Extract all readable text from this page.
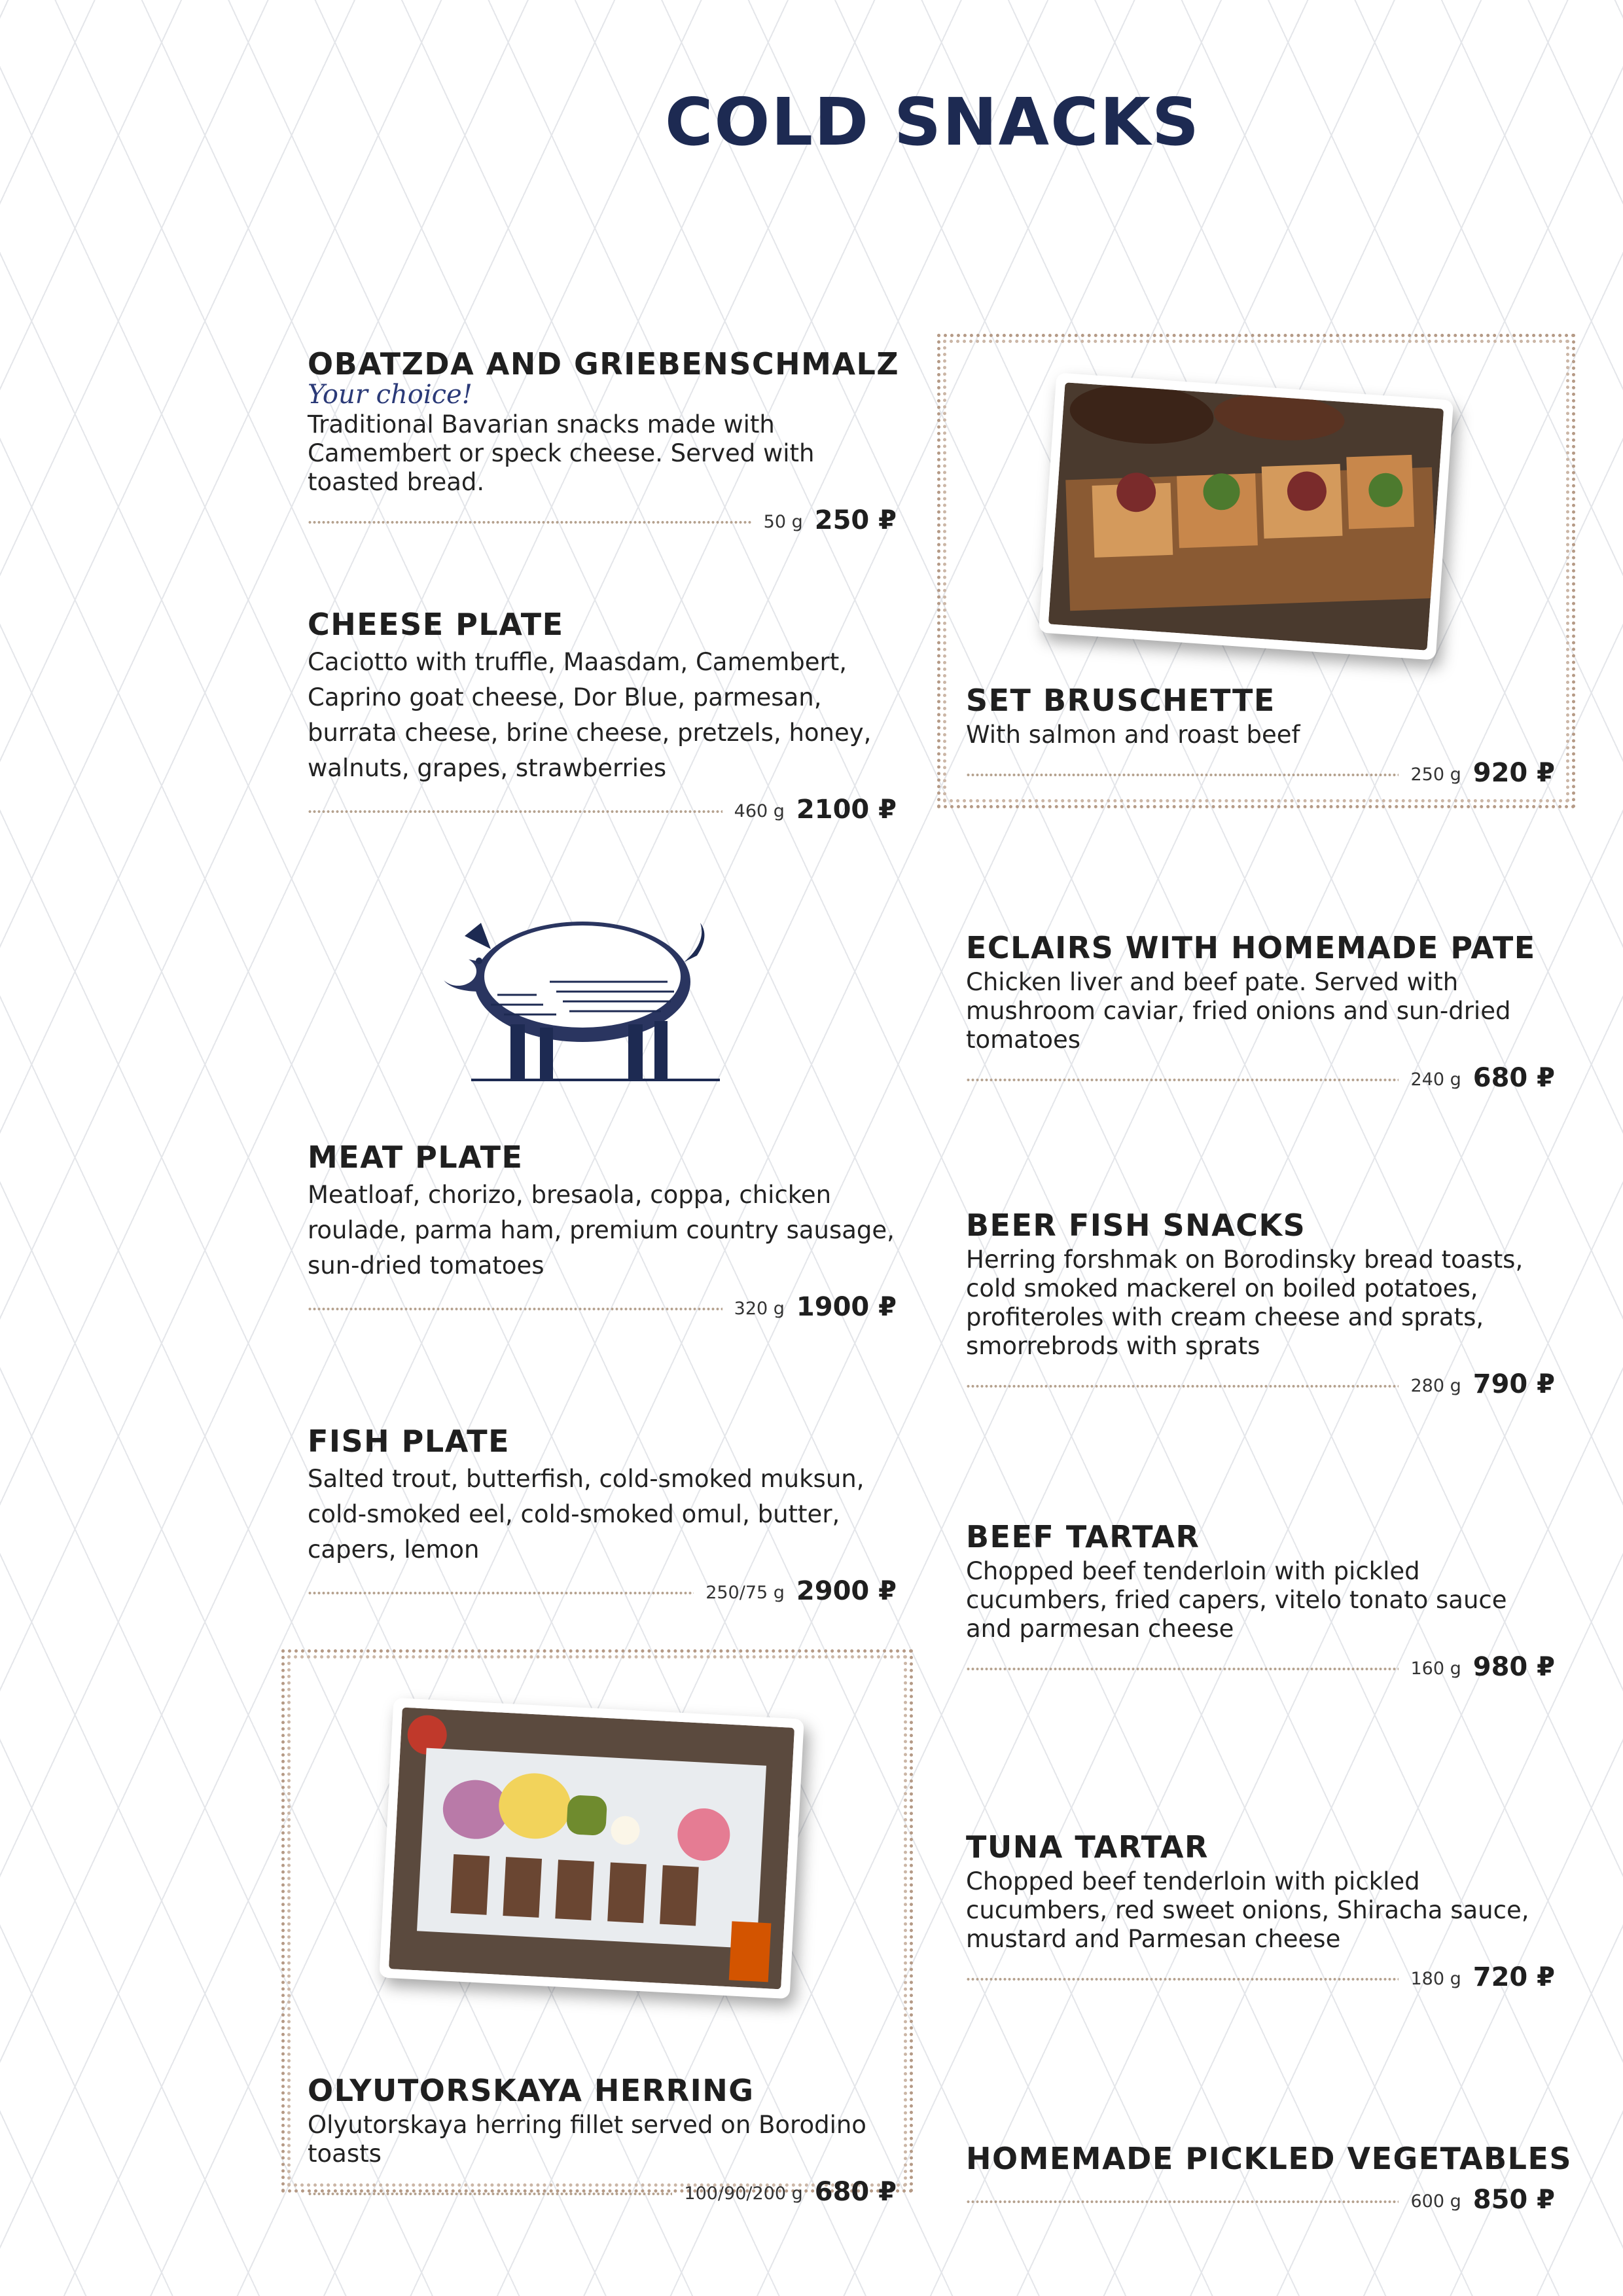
COLD SNACKS

OBATZDA AND GRIEBENSCHMALZ

Your choice!

Traditional Bavarian snacks made with Camembert or speck cheese. Served with toasted bread.

50 g 250 ₽

CHEESE PLATE

Caciotto with truffle, Maasdam, Camembert, Caprino goat cheese, Dor Blue, parmesan, burrata cheese, brine cheese, pretzels, honey, walnuts, grapes, strawberries

460 g 2100 ₽

MEAT PLATE

Meatloaf, chorizo, bresaola, coppa, chicken roulade, parma ham, premium country sausage, sun-dried tomatoes

320 g 1900 ₽

FISH PLATE

Salted trout, butterfish, cold-smoked muksun, cold-smoked eel, cold-smoked omul, butter, capers, lemon

250/75 g 2900 ₽

OLYUTORSKAYA HERRING

Olyutorskaya herring fillet served on Borodino toasts

100/90/200 g 680 ₽

SET BRUSCHETTE

With salmon and roast beef

250 g 920 ₽

ECLAIRS WITH HOMEMADE PATE

Chicken liver and beef pate. Served with mushroom caviar, fried onions and sun-dried tomatoes

240 g 680 ₽

BEER FISH SNACKS

Herring forshmak on Borodinsky bread toasts, cold smoked mackerel on boiled potatoes, profiteroles with cream cheese and sprats, smorrebrods with sprats

280 g 790 ₽

BEEF TARTAR

Chopped beef tenderloin with pickled cucumbers, fried capers, vitelo tonato sauce and parmesan cheese

160 g 980 ₽

TUNA TARTAR

Chopped beef tenderloin with pickled cucumbers, red sweet onions, Shiracha sauce, mustard and Parmesan cheese

180 g 720 ₽

HOMEMADE PICKLED VEGETABLES

600 g 850 ₽
